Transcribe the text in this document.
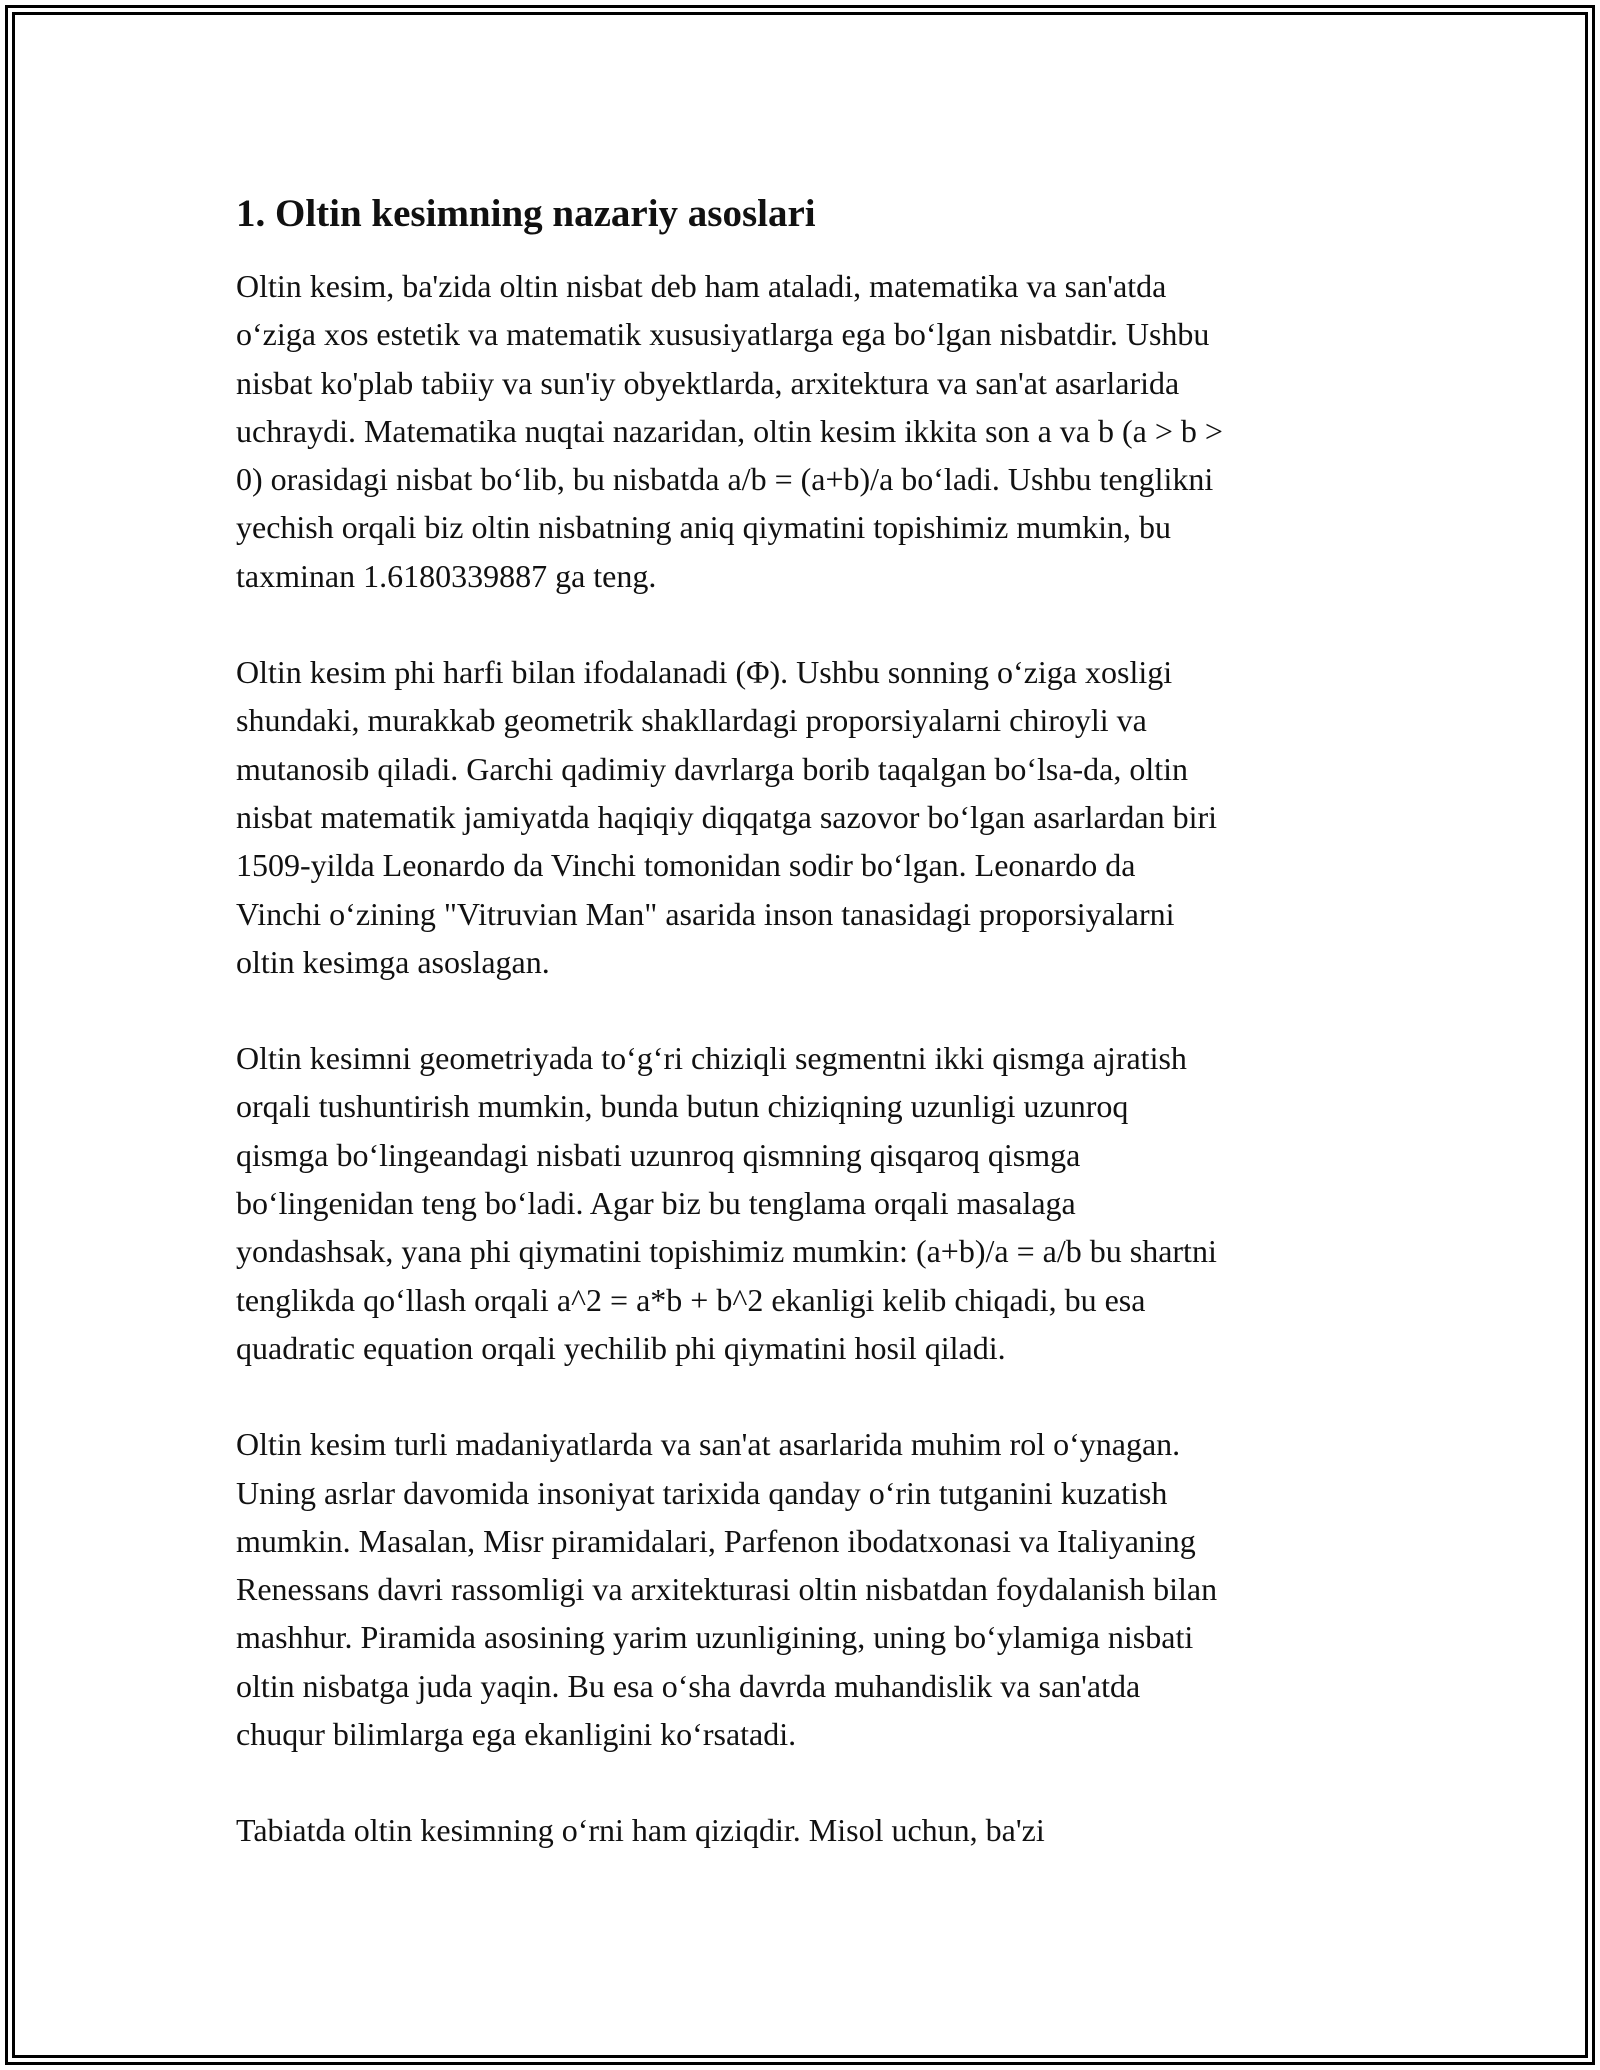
1. Oltin kesimning nazariy asoslari

Oltin kesim, ba'zida oltin nisbat deb ham ataladi, matematika va san'atda
o‘ziga xos estetik va matematik xususiyatlarga ega bo‘lgan nisbatdir. Ushbu
nisbat ko'plab tabiiy va sun'iy obyektlarda, arxitektura va san'at asarlarida
uchraydi. Matematika nuqtai nazaridan, oltin kesim ikkita son a va b (a > b >
0) orasidagi nisbat bo‘lib, bu nisbatda a/b = (a+b)/a bo‘ladi. Ushbu tenglikni
yechish orqali biz oltin nisbatning aniq qiymatini topishimiz mumkin, bu
taxminan 1.6180339887 ga teng.

Oltin kesim phi harfi bilan ifodalanadi (Φ). Ushbu sonning o‘ziga xosligi
shundaki, murakkab geometrik shakllardagi proporsiyalarni chiroyli va
mutanosib qiladi. Garchi qadimiy davrlarga borib taqalgan bo‘lsa-da, oltin
nisbat matematik jamiyatda haqiqiy diqqatga sazovor bo‘lgan asarlardan biri
1509-yilda Leonardo da Vinchi tomonidan sodir bo‘lgan. Leonardo da
Vinchi o‘zining "Vitruvian Man" asarida inson tanasidagi proporsiyalarni
oltin kesimga asoslagan.

Oltin kesimni geometriyada to‘g‘ri chiziqli segmentni ikki qismga ajratish
orqali tushuntirish mumkin, bunda butun chiziqning uzunligi uzunroq
qismga bo‘lingeandagi nisbati uzunroq qismning qisqaroq qismga
bo‘lingenidan teng bo‘ladi. Agar biz bu tenglama orqali masalaga
yondashsak, yana phi qiymatini topishimiz mumkin: (a+b)/a = a/b bu shartni
tenglikda qo‘llash orqali a^2 = a*b + b^2 ekanligi kelib chiqadi, bu esa
quadratic equation orqali yechilib phi qiymatini hosil qiladi.

Oltin kesim turli madaniyatlarda va san'at asarlarida muhim rol o‘ynagan.
Uning asrlar davomida insoniyat tarixida qanday o‘rin tutganini kuzatish
mumkin. Masalan, Misr piramidalari, Parfenon ibodatxonasi va Italiyaning
Renessans davri rassomligi va arxitekturasi oltin nisbatdan foydalanish bilan
mashhur. Piramida asosining yarim uzunligining, uning bo‘ylamiga nisbati
oltin nisbatga juda yaqin. Bu esa o‘sha davrda muhandislik va san'atda
chuqur bilimlarga ega ekanligini ko‘rsatadi.

Tabiatda oltin kesimning o‘rni ham qiziqdir. Misol uchun, ba'zi
